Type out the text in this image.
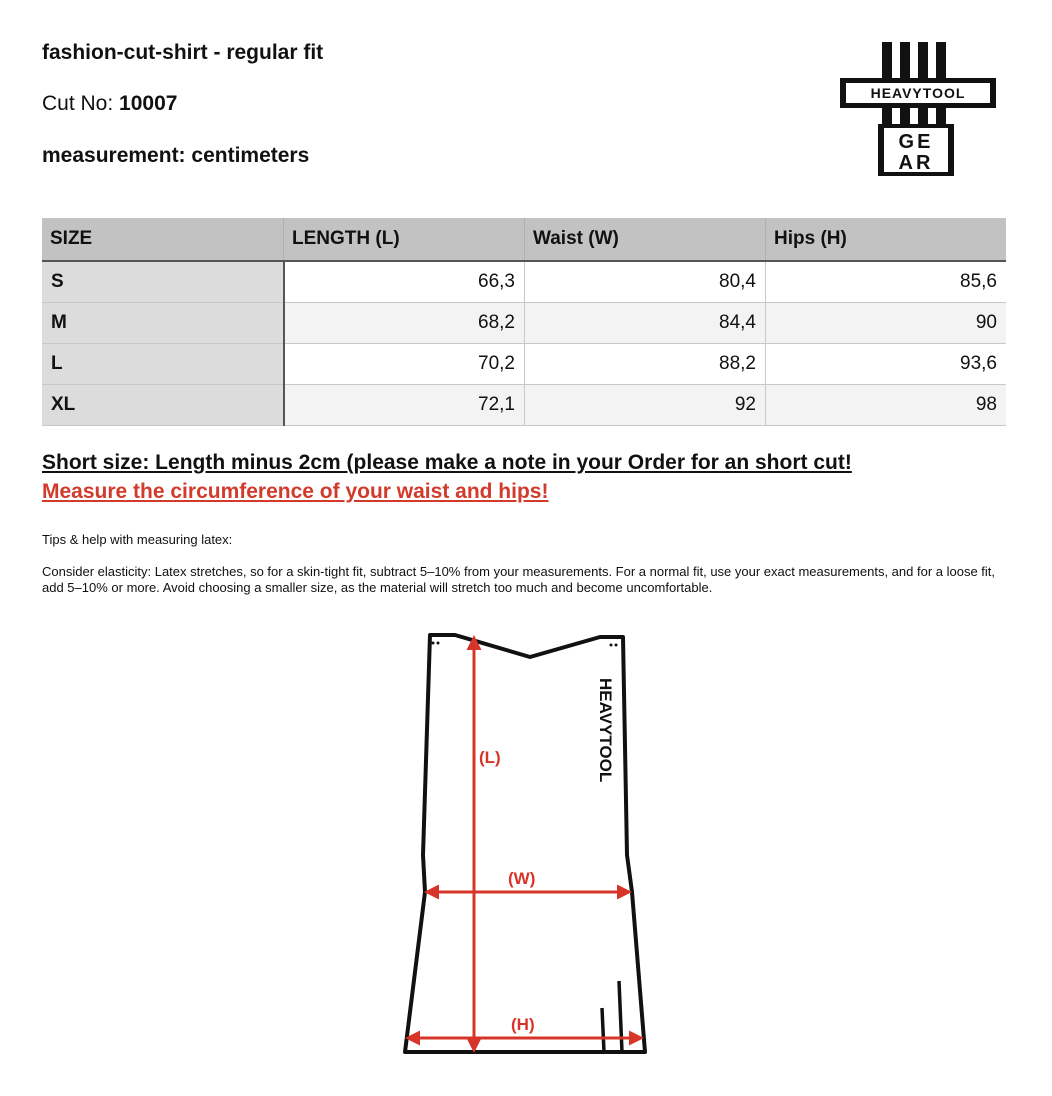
fashion-cut-shirt - regular fit
Cut No: 10007
measurement: centimeters
HEAVYTOOL
GE
AR
SIZE	LENGTH (L)	Waist (W)	Hips (H)
S	66,3	80,4	85,6
M	68,2	84,4	90
L	70,2	88,2	93,6
XL	72,1	92	98
Short size: Length minus 2cm (please make a note in your Order for an short cut!
Measure the circumference of your waist and hips!
Tips & help with measuring latex:
Consider elasticity: Latex stretches, so for a skin-tight fit, subtract 5–10% from your measurements. For a normal fit, use your exact measurements, and for a loose fit, add 5–10% or more. Avoid choosing a smaller size, as the material will stretch too much and become uncomfortable.
(L)
(W)
(H)
HEAVYTOOL
